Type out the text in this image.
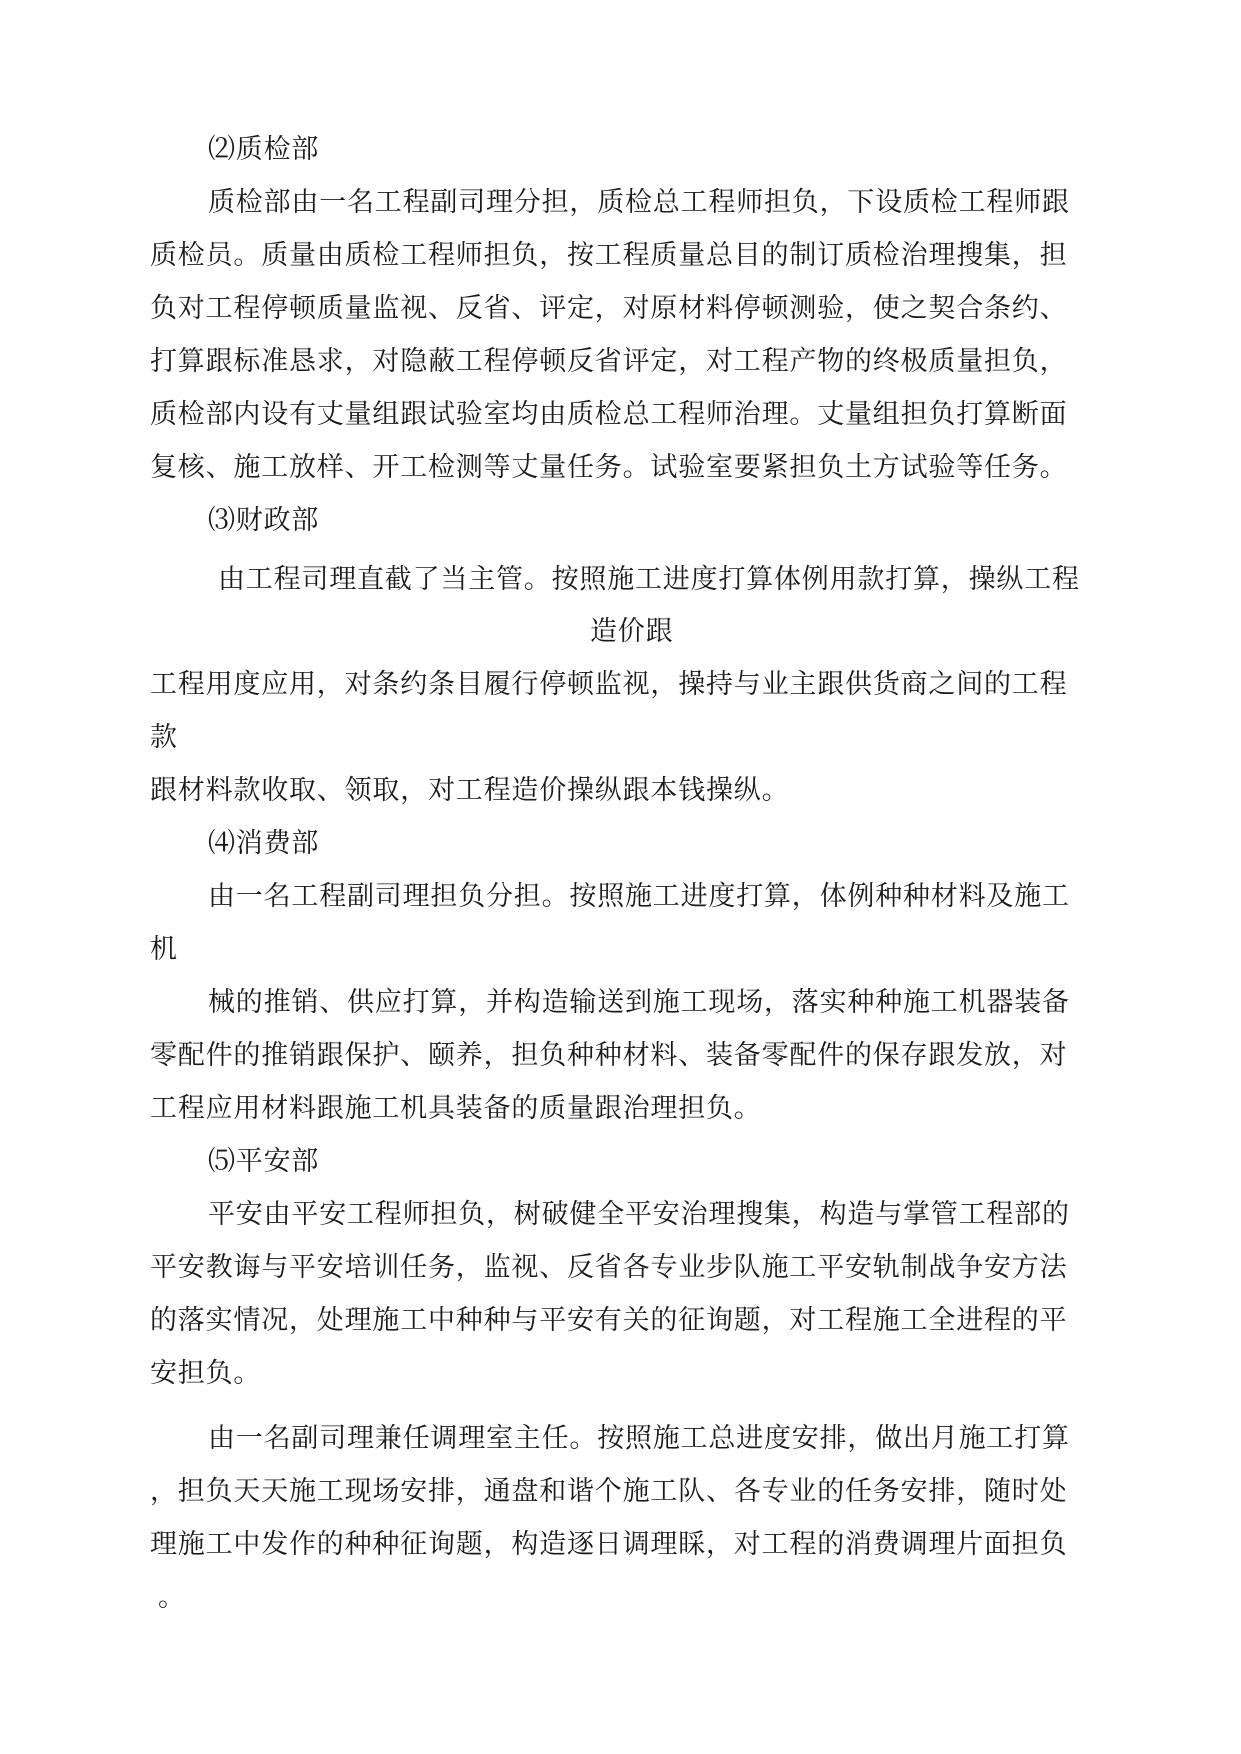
⑵质检部
质检部由一名工程副司理分担，质检总工程师担负，下设质检工程师跟
质检员。质量由质检工程师担负，按工程质量总目的制订质检治理搜集，担
负对工程停顿质量监视、反省、评定，对原材料停顿测验，使之契合条约、
打算跟标准恳求，对隐蔽工程停顿反省评定，对工程产物的终极质量担负，
质检部内设有丈量组跟试验室均由质检总工程师治理。丈量组担负打算断面
复核、施工放样、开工检测等丈量任务。试验室要紧担负土方试验等任务。
⑶财政部
由工程司理直截了当主管。按照施工进度打算体例用款打算，操纵工程
造价跟
工程用度应用，对条约条目履行停顿监视，操持与业主跟供货商之间的工程
款
跟材料款收取、领取，对工程造价操纵跟本钱操纵。
⑷消费部
由一名工程副司理担负分担。按照施工进度打算，体例种种材料及施工
机
械的推销、供应打算，并构造输送到施工现场，落实种种施工机器装备
零配件的推销跟保护、颐养，担负种种材料、装备零配件的保存跟发放，对
工程应用材料跟施工机具装备的质量跟治理担负。
⑸平安部
平安由平安工程师担负，树破健全平安治理搜集，构造与掌管工程部的
平安教诲与平安培训任务，监视、反省各专业步队施工平安轨制战争安方法
的落实情况，处理施工中种种与平安有关的征询题，对工程施工全进程的平
安担负。
由一名副司理兼任调理室主任。按照施工总进度安排，做出月施工打算
，担负天天施工现场安排，通盘和谐个施工队、各专业的任务安排，随时处
理施工中发作的种种征询题，构造逐日调理睬，对工程的消费调理片面担负
。
